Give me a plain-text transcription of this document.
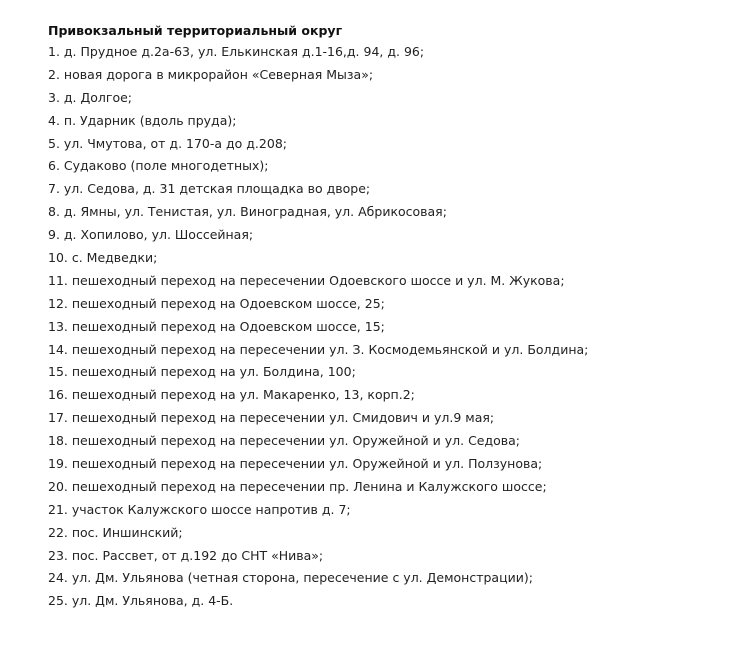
Привокзальный территориальный округ

1. д. Прудное д.2а-63, ул. Елькинская д.1-16,д. 94, д. 96;
2. новая дорога в микрорайон «Северная Мыза»;
3. д. Долгое;
4. п. Ударник (вдоль пруда);
5. ул. Чмутова, от д. 170-а до д.208;
6. Судаково (поле многодетных);
7. ул. Седова, д. 31 детская площадка во дворе;
8. д. Ямны, ул. Тенистая, ул. Виноградная, ул. Абрикосовая;
9. д. Хопилово, ул. Шоссейная;
10. с. Медведки;
11. пешеходный переход на пересечении Одоевского шоссе и ул. М. Жукова;
12. пешеходный переход на Одоевском шоссе, 25;
13. пешеходный переход на Одоевском шоссе, 15;
14. пешеходный переход на пересечении ул. З. Космодемьянской и ул. Болдина;
15. пешеходный переход на ул. Болдина, 100;
16. пешеходный переход на ул. Макаренко, 13, корп.2;
17. пешеходный переход на пересечении ул. Смидович и ул.9 мая;
18. пешеходный переход на пересечении ул. Оружейной и ул. Седова;
19. пешеходный переход на пересечении ул. Оружейной и ул. Ползунова;
20. пешеходный переход на пересечении пр. Ленина и Калужского шоссе;
21. участок Калужского шоссе напротив д. 7;
22. пос. Иншинский;
23. пос. Рассвет, от д.192 до СНТ «Нива»;
24. ул. Дм. Ульянова (четная сторона, пересечение с ул. Демонстрации);
25. ул. Дм. Ульянова, д. 4-Б.
